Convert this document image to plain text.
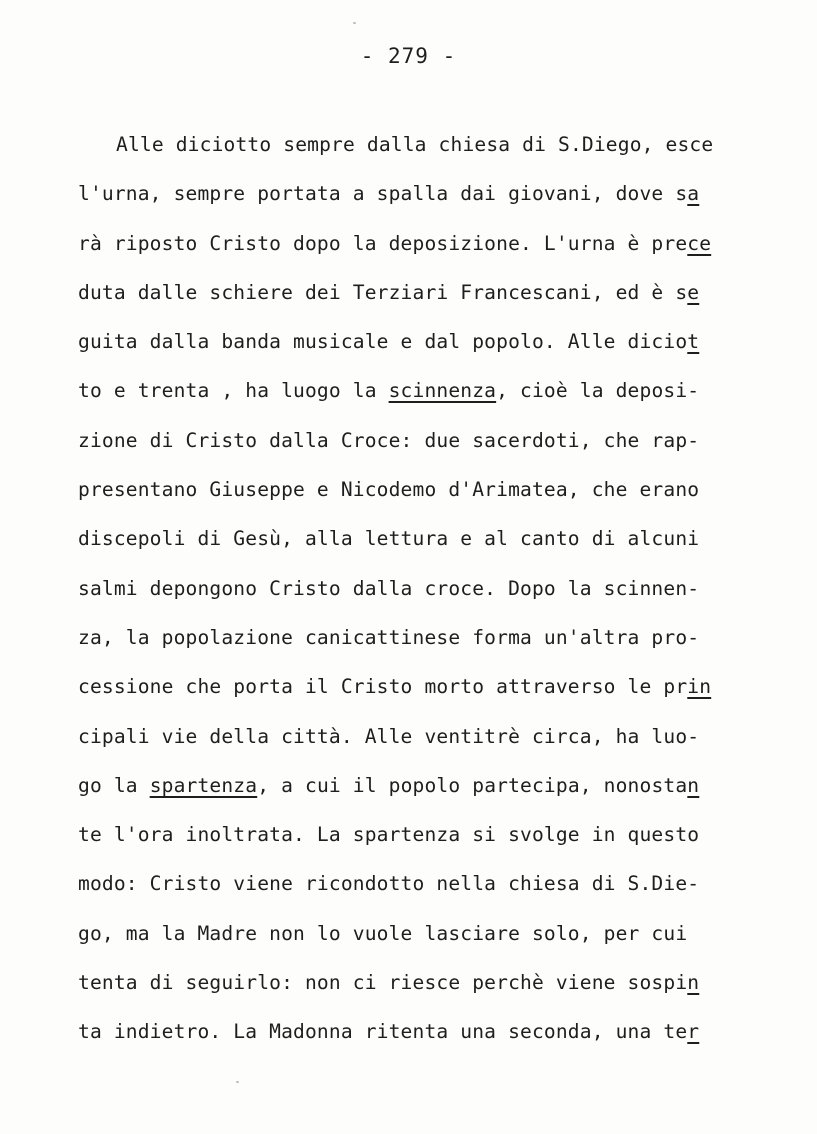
- 279 -
Alle diciotto sempre dalla chiesa di S.Diego, esce
l'urna, sempre portata a spalla dai giovani, dove sa
rà riposto Cristo dopo la deposizione. L'urna è prece
duta dalle schiere dei Terziari Francescani, ed è se
guita dalla banda musicale e dal popolo. Alle diciot
to e trenta , ha luogo la scinnenza, cioè la deposi-
zione di Cristo dalla Croce: due sacerdoti, che rap-
presentano Giuseppe e Nicodemo d'Arimatea, che erano
discepoli di Gesù, alla lettura e al canto di alcuni
salmi depongono Cristo dalla croce. Dopo la scinnen-
za, la popolazione canicattinese forma un'altra pro-
cessione che porta il Cristo morto attraverso le prin
cipali vie della città. Alle ventitrè circa, ha luo-
go la spartenza, a cui il popolo partecipa, nonostan
te l'ora inoltrata. La spartenza si svolge in questo
modo: Cristo viene ricondotto nella chiesa di S.Die-
go, ma la Madre non lo vuole lasciare solo, per cui
tenta di seguirlo: non ci riesce perchè viene sospin
ta indietro. La Madonna ritenta una seconda, una ter
